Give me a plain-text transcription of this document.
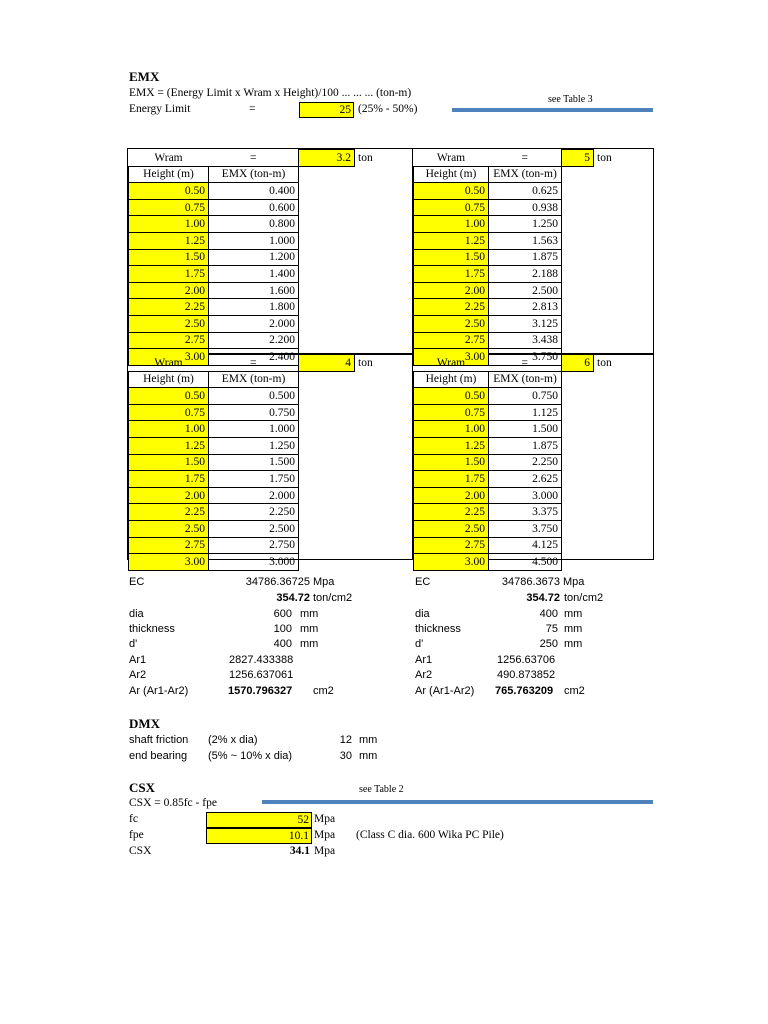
EMX
EMX = (Energy Limit x Wram x Height)/100 ... ... ... (ton-m)
Energy Limit	=	25 (25% - 50%)
see Table 3
Wram	=	3.2	ton
Height (m)	EMX (ton-m)		
0.50	0.400		
0.75	0.600		
1.00	0.800		
1.25	1.000		
1.50	1.200		
1.75	1.400		
2.00	1.600		
2.25	1.800		
2.50	2.000		
2.75	2.200		
3.00	2.400		
Wram	=	5	ton
Height (m)	EMX (ton-m)		
0.50	0.625		
0.75	0.938		
1.00	1.250		
1.25	1.563		
1.50	1.875		
1.75	2.188		
2.00	2.500		
2.25	2.813		
2.50	3.125		
2.75	3.438		
3.00	3.750		
Wram	=	4	ton
Height (m)	EMX (ton-m)		
0.50	0.500		
0.75	0.750		
1.00	1.000		
1.25	1.250		
1.50	1.500		
1.75	1.750		
2.00	2.000		
2.25	2.250		
2.50	2.500		
2.75	2.750		
3.00	3.000		
Wram	=	6	ton
Height (m)	EMX (ton-m)		
0.50	0.750		
0.75	1.125		
1.00	1.500		
1.25	1.875		
1.50	2.250		
1.75	2.625		
2.00	3.000		
2.25	3.375		
2.50	3.750		
2.75	4.125		
3.00	4.500		
EC	34786.36725 Mpa
354.72 ton/cm2
dia	600 mm
thickness	100 mm
d'	400 mm
Ar1	2827.433388
Ar2	1256.637061
Ar (Ar1-Ar2)	1570.796327 cm2
EC	34786.3673 Mpa
354.72 ton/cm2
dia	400 mm
thickness	75 mm
d'	250 mm
Ar1	1256.63706
Ar2	490.873852
Ar (Ar1-Ar2) 765.763209 cm2
DMX
shaft friction (2% x dia)	12 mm
end bearing (5% ~ 10% x dia)	30 mm
CSX	see Table 2
CSX = 0.85fc - fpe
fc	52 Mpa
fpe	10.1 Mpa (Class C dia. 600 Wika PC Pile)
CSX	34.1 Mpa
